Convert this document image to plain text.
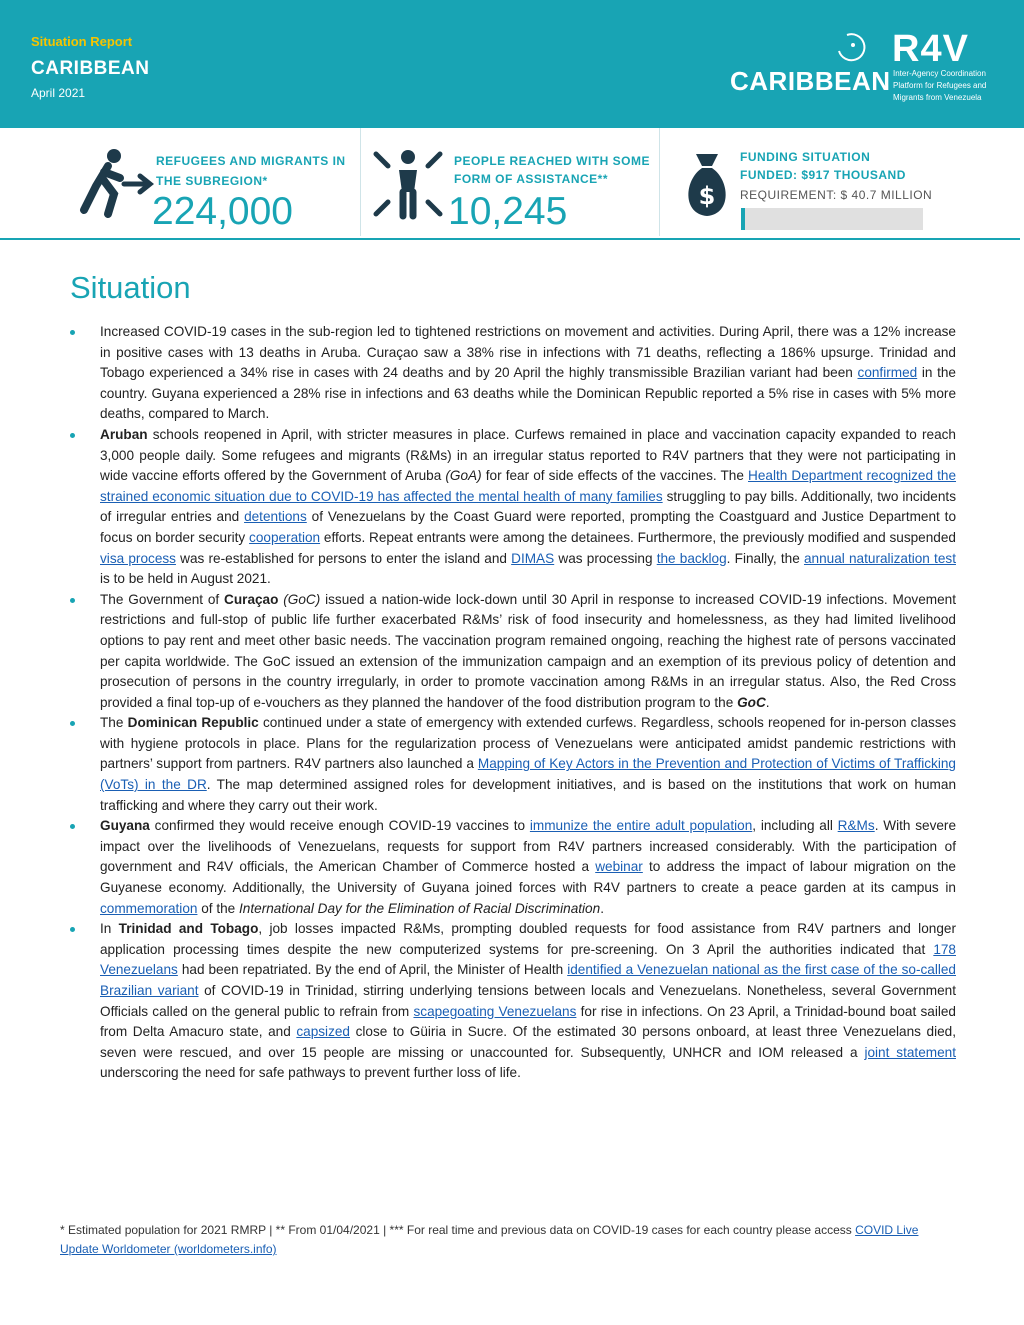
Situation Report
CARIBBEAN
April 2021	CARIBBEAN
R4V
Inter-Agency Coordination Platform for Refugees and Migrants from Venezuela
REFUGEES AND MIGRANTS IN
THE SUBREGION*
224,000
PEOPLE REACHED WITH SOME
FORM OF ASSISTANCE**
10,245	$
FUNDING SITUATION
FUNDED: $917 THOUSAND
REQUIREMENT: $ 40.7 MILLION
Situation
Increased COVID-19 cases in the sub-region led to tightened restrictions on movement and activities. During April, there was a 12% increase in positive cases with 13 deaths in Aruba. Curaçao saw a 38% rise in infections with 71 deaths, reflecting a 186% upsurge. Trinidad and Tobago experienced a 34% rise in cases with 24 deaths and by 20 April the highly transmissible Brazilian variant had been confirmed in the country. Guyana experienced a 28% rise in infections and 63 deaths while the Dominican Republic reported a 5% rise in cases with 5% more deaths, compared to March.
Aruban schools reopened in April, with stricter measures in place. Curfews remained in place and vaccination capacity expanded to reach 3,000 people daily. Some refugees and migrants (R&Ms) in an irregular status reported to R4V partners that they were not participating in wide vaccine efforts offered by the Government of Aruba (GoA) for fear of side effects of the vaccines. The Health Department recognized the strained economic situation due to COVID-19 has affected the mental health of many families struggling to pay bills. Additionally, two incidents of irregular entries and detentions of Venezuelans by the Coast Guard were reported, prompting the Coastguard and Justice Department to focus on border security cooperation efforts. Repeat entrants were among the detainees. Furthermore, the previously modified and suspended visa process was re-established for persons to enter the island and DIMAS was processing the backlog. Finally, the annual naturalization test is to be held in August 2021.
The Government of Curaçao (GoC) issued a nation-wide lock-down until 30 April in response to increased COVID-19 infections. Movement restrictions and full-stop of public life further exacerbated R&Ms’ risk of food insecurity and homelessness, as they had limited livelihood options to pay rent and meet other basic needs. The vaccination program remained ongoing, reaching the highest rate of persons vaccinated per capita worldwide. The GoC issued an extension of the immunization campaign and an exemption of its previous policy of detention and prosecution of persons in the country irregularly, in order to promote vaccination among R&Ms in an irregular status. Also, the Red Cross provided a final top-up of e-vouchers as they planned the handover of the food distribution program to the GoC.
The Dominican Republic continued under a state of emergency with extended curfews. Regardless, schools reopened for in-person classes with hygiene protocols in place. Plans for the regularization process of Venezuelans were anticipated amidst pandemic restrictions with partners’ support from partners. R4V partners also launched a Mapping of Key Actors in the Prevention and Protection of Victims of Trafficking (VoTs) in the DR. The map determined assigned roles for development initiatives, and is based on the institutions that work on human trafficking and where they carry out their work.
Guyana confirmed they would receive enough COVID-19 vaccines to immunize the entire adult population, including all R&Ms. With severe impact over the livelihoods of Venezuelans, requests for support from R4V partners increased considerably. With the participation of government and R4V officials, the American Chamber of Commerce hosted a webinar to address the impact of labour migration on the Guyanese economy. Additionally, the University of Guyana joined forces with R4V partners to create a peace garden at its campus in commemoration of the International Day for the Elimination of Racial Discrimination.
In Trinidad and Tobago, job losses impacted R&Ms, prompting doubled requests for food assistance from R4V partners and longer application processing times despite the new computerized systems for pre-screening. On 3 April the authorities indicated that 178 Venezuelans had been repatriated. By the end of April, the Minister of Health identified a Venezuelan national as the first case of the so-called Brazilian variant of COVID-19 in Trinidad, stirring underlying tensions between locals and Venezuelans. Nonetheless, several Government Officials called on the general public to refrain from scapegoating Venezuelans for rise in infections. On 23 April, a Trinidad-bound boat sailed from Delta Amacuro state, and capsized close to Güiria in Sucre. Of the estimated 30 persons onboard, at least three Venezuelans died, seven were rescued, and over 15 people are missing or unaccounted for. Subsequently, UNHCR and IOM released a joint statement underscoring the need for safe pathways to prevent further loss of life.
* Estimated population for 2021 RMRP | ** From 01/04/2021 | *** For real time and previous data on COVID-19 cases for each country please access COVID Live Update Worldometer (worldometers.info)
